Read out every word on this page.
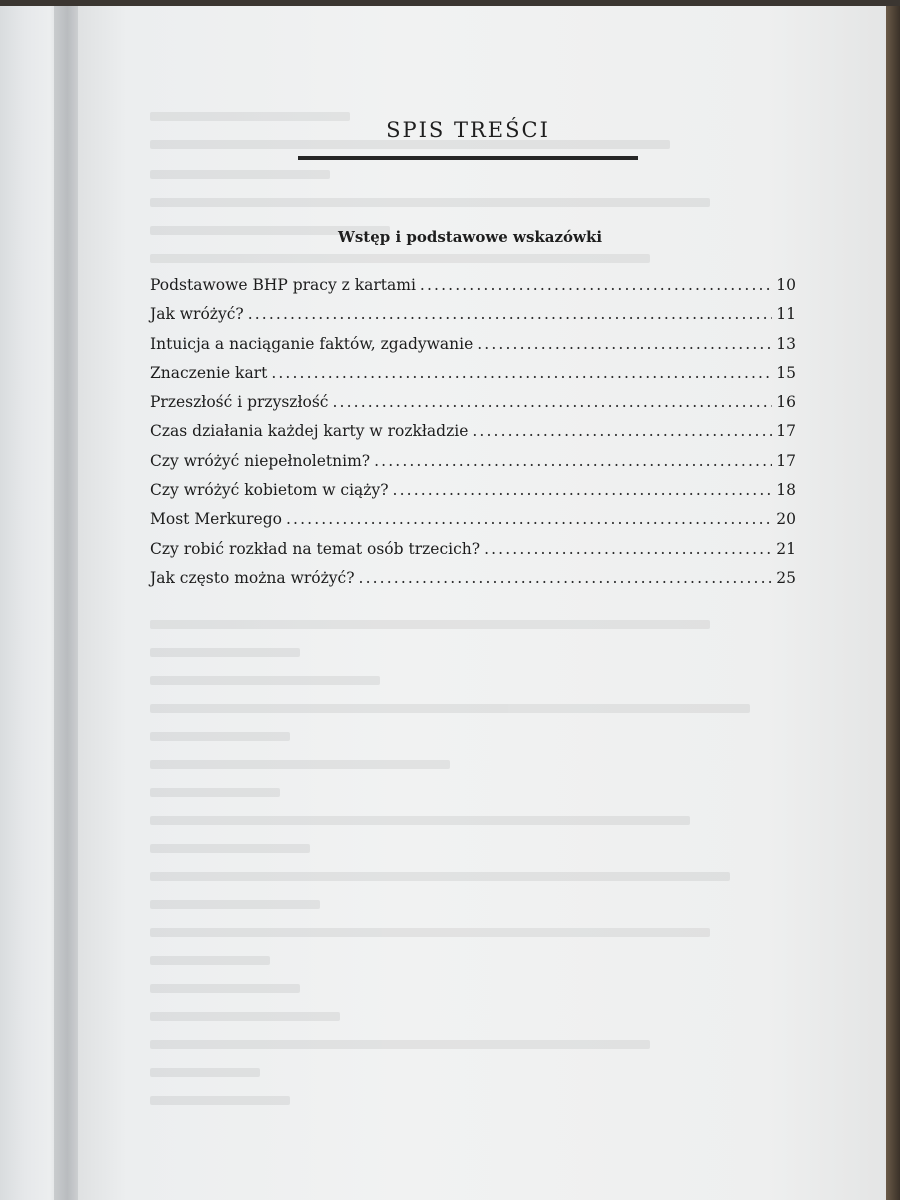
SPIS TREŚCI
Wstęp i podstawowe wskazówki
Podstawowe BHP pracy z kartami . . .	10
Jak wróżyć? . . .	11
Intuicja a naciąganie faktów, zgadywanie . . .	13
Znaczenie kart . . .	15
Przeszłość i przyszłość . . .	16
Czas działania każdej karty w rozkładzie . . .	17
Czy wróżyć niepełnoletnim? . . .	17
Czy wróżyć kobietom w ciąży? . . .	18
Most Merkurego . . .	20
Czy robić rozkład na temat osób trzecich? . . .	21
Jak często można wróżyć? . . .	25
